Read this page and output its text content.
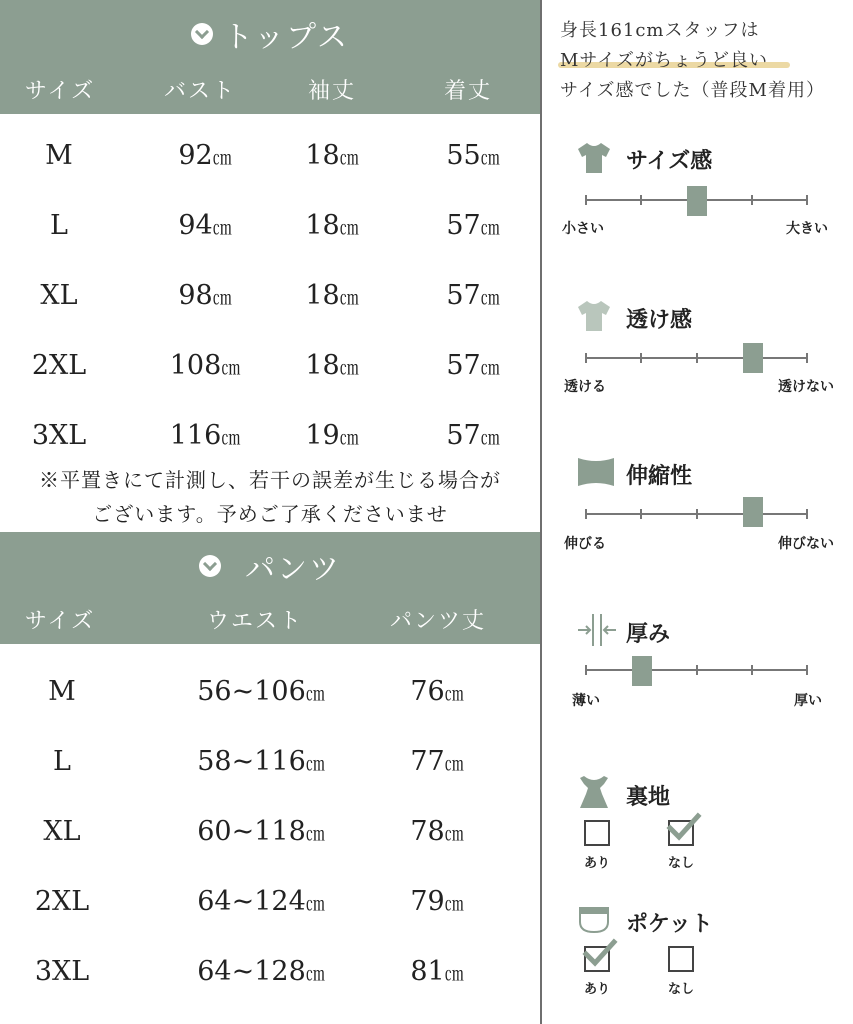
トップス
サイズ	バスト	袖丈	着丈
M	92㎝	18㎝	55㎝
L	94㎝	18㎝	57㎝
XL	98㎝	18㎝	57㎝
2XL	108㎝	18㎝	57㎝
3XL	116㎝	19㎝	57㎝
※平置きにて計測し、若干の誤差が生じる場合が
ございます。予めご了承くださいませ
パンツ
サイズ	ウエスト	パンツ丈
M	56~106㎝	76㎝
L	58~116㎝	77㎝
XL	60~118㎝	78㎝
2XL	64~124㎝	79㎝
3XL	64~128㎝	81㎝
身長161cmスタッフは
Mサイズがちょうど良い
サイズ感でした（普段M着用）
サイズ感
小さい	大きい
透け感
透ける	透けない
伸縮性
伸びる	伸びない
厚み
薄い	厚い
裏地
あり	なし
ポケット
あり	なし
